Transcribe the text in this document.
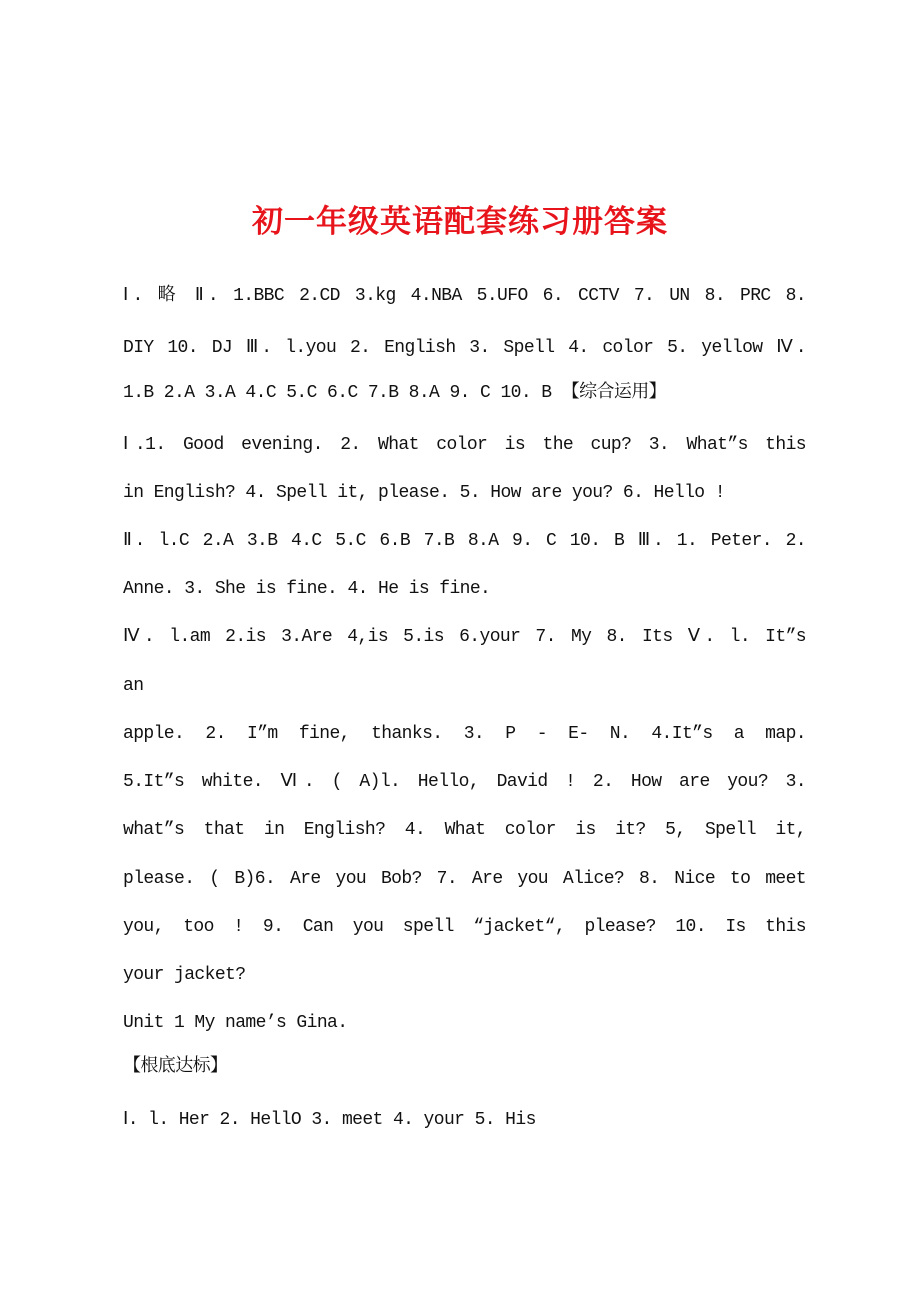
初一年级英语配套练习册答案
Ⅰ. 略 Ⅱ. 1.BBC 2.CD 3.kg 4.NBA 5.UFO 6. CCTV 7. UN 8. PRC 8.
DIY 10. DJ Ⅲ. l.you 2. English 3. Spell 4. color 5. yellow Ⅳ.
1.B 2.A 3.A 4.C 5.C 6.C 7.B 8.A 9. C 10. B 【综合运用】
Ⅰ.1. Good evening. 2. What color is the cup? 3. What”s this
in English? 4. Spell it, please. 5. How are you? 6. Hello !
Ⅱ. l.C 2.A 3.B 4.C 5.C 6.B 7.B 8.A 9. C 10. B Ⅲ. 1. Peter. 2.
Anne. 3. She is fine. 4. He is fine.
Ⅳ. l.am 2.is 3.Are 4,is 5.is 6.your 7. My 8. Its Ⅴ. l. It”s
an
apple. 2. I”m fine, thanks. 3. P - E- N. 4.It”s a map.
5.It”s white. Ⅵ. ( A)l. Hello, David ! 2. How are you? 3.
what”s that in English? 4. What color is it? 5, Spell it,
please. ( B)6. Are you Bob? 7. Are you Alice? 8. Nice to meet
you, too ! 9. Can you spell “jacket“, please? 10. Is this
your jacket?
Unit 1 My name’s Gina.
【根底达标】
Ⅰ. l. Her 2. HellO 3. meet 4. your 5. His
